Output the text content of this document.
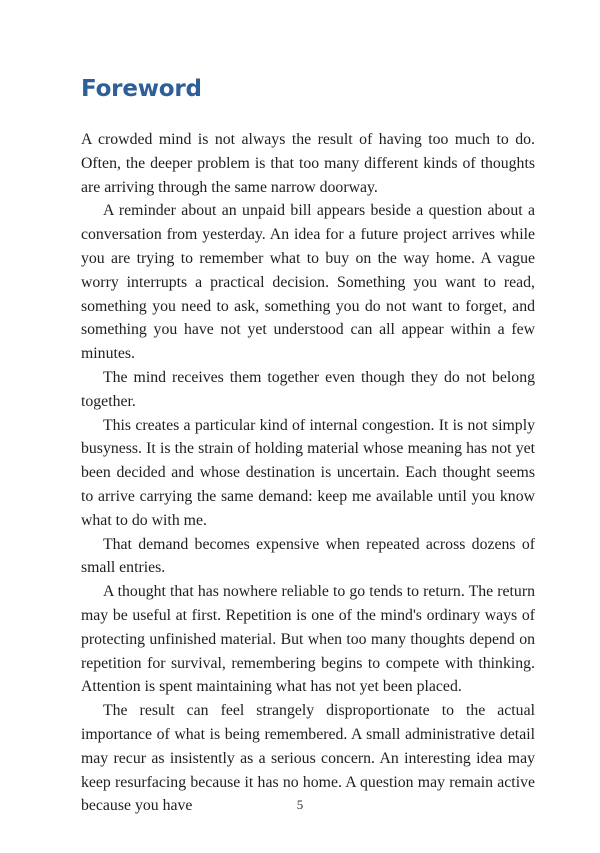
Foreword

A crowded mind is not always the result of having too much to do. Often, the deeper problem is that too many different kinds of thoughts are arriving through the same narrow doorway.

A reminder about an unpaid bill appears beside a question about a conversation from yesterday. An idea for a future project arrives while you are trying to remember what to buy on the way home. A vague worry interrupts a practical decision. Something you want to read, something you need to ask, something you do not want to forget, and something you have not yet understood can all appear within a few minutes.

The mind receives them together even though they do not belong together.

This creates a particular kind of internal congestion. It is not simply busyness. It is the strain of holding material whose meaning has not yet been decided and whose destination is uncertain. Each thought seems to arrive carrying the same demand: keep me available until you know what to do with me.

That demand becomes expensive when repeated across dozens of small entries.

A thought that has nowhere reliable to go tends to return. The return may be useful at first. Repetition is one of the mind's ordinary ways of protecting unfinished material. But when too many thoughts depend on repetition for survival, remembering begins to compete with thinking. Attention is spent maintaining what has not yet been placed.

The result can feel strangely disproportionate to the actual importance of what is being remembered. A small administrative detail may recur as insistently as a serious concern. An interesting idea may keep resurfacing because it has no home. A question may remain active because you have	5
